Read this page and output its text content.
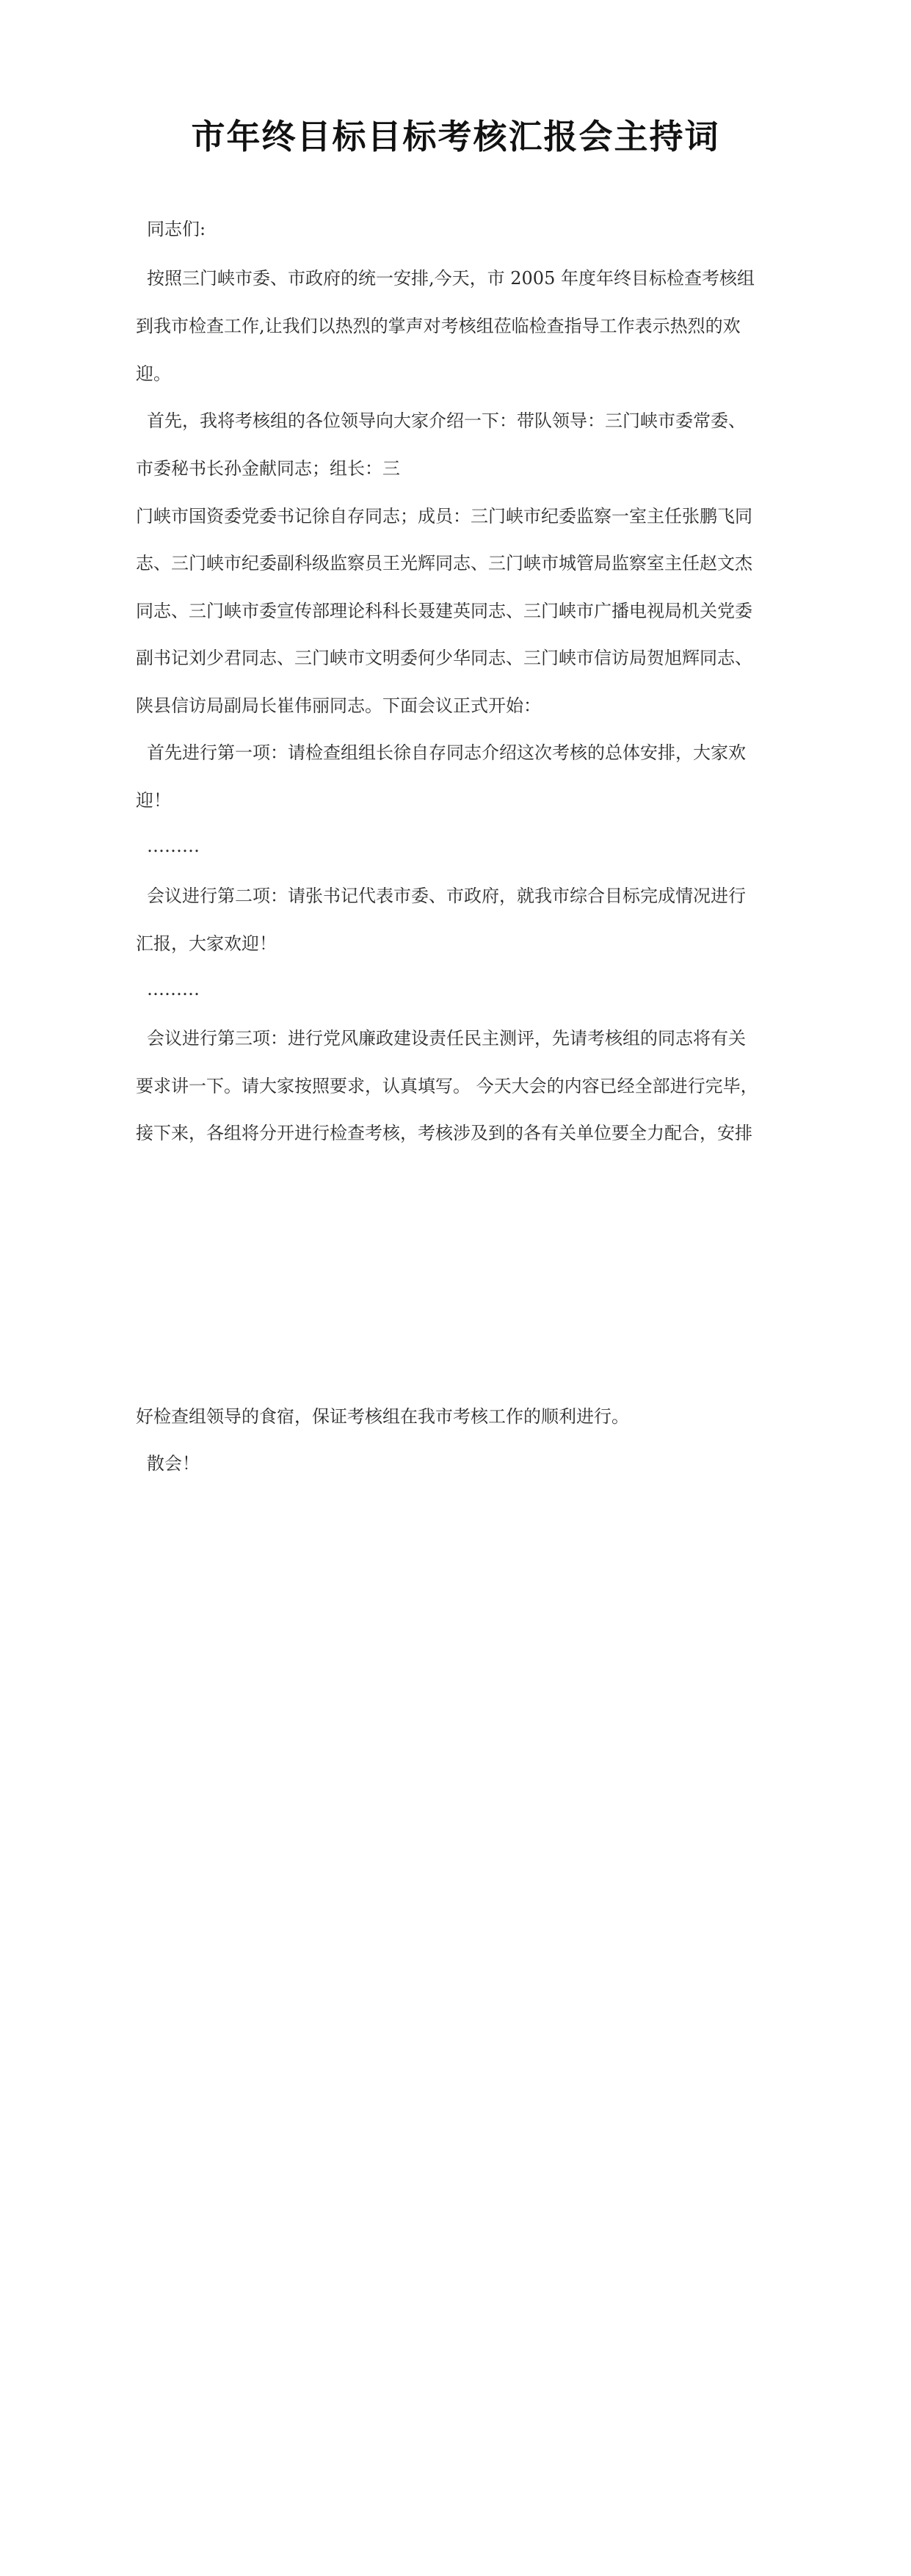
市年终目标目标考核汇报会主持词

同志们:

按照三门峡市委、市政府的统一安排,今天，市 2005 年度年终目标检查考核组

到我市检查工作,让我们以热烈的掌声对考核组莅临检查指导工作表示热烈的欢

迎。

首先，我将考核组的各位领导向大家介绍一下：带队领导：三门峡市委常委、

市委秘书长孙金献同志；组长：三

门峡市国资委党委书记徐自存同志；成员：三门峡市纪委监察一室主任张鹏飞同

志、三门峡市纪委副科级监察员王光辉同志、三门峡市城管局监察室主任赵文杰

同志、三门峡市委宣传部理论科科长聂建英同志、三门峡市广播电视局机关党委

副书记刘少君同志、三门峡市文明委何少华同志、三门峡市信访局贺旭辉同志、

陕县信访局副局长崔伟丽同志。下面会议正式开始：

首先进行第一项：请检查组组长徐自存同志介绍这次考核的总体安排，大家欢

迎！

………

会议进行第二项：请张书记代表市委、市政府，就我市综合目标完成情况进行

汇报，大家欢迎！

………

会议进行第三项：进行党风廉政建设责任民主测评，先请考核组的同志将有关

要求讲一下。请大家按照要求，认真填写。 今天大会的内容已经全部进行完毕，

接下来，各组将分开进行检查考核，考核涉及到的各有关单位要全力配合，安排

好检查组领导的食宿，保证考核组在我市考核工作的顺利进行。

散会！
